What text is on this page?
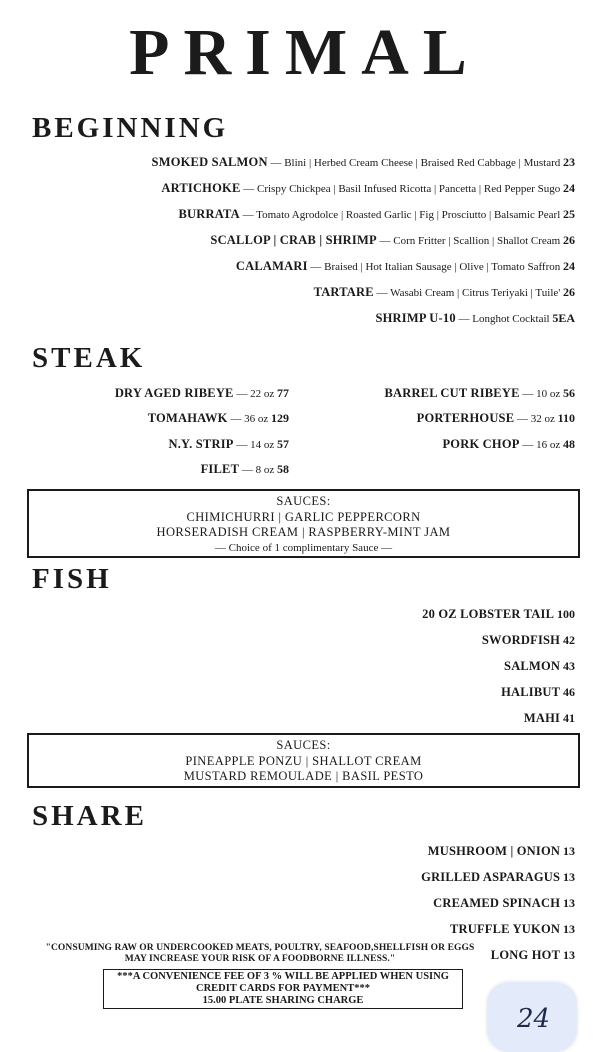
PRIMAL
BEGINNING
SMOKED SALMON — Blini | Herbed Cream Cheese | Braised Red Cabbage | Mustard 23
ARTICHOKE — Crispy Chickpea | Basil Infused Ricotta | Pancetta | Red Pepper Sugo 24
BURRATA — Tomato Agrodolce | Roasted Garlic | Fig | Prosciutto | Balsamic Pearl 25
SCALLOP | CRAB | SHRIMP — Corn Fritter | Scallion | Shallot Cream 26
CALAMARI — Braised | Hot Italian Sausage | Olive | Tomato Saffron 24
TARTARE — Wasabi Cream | Citrus Teriyaki | Tuile' 26
SHRIMP U-10 — Longhot Cocktail 5EA
STEAK
DRY AGED RIBEYE — 22 oz 77
TOMAHAWK — 36 oz 129
N.Y. STRIP — 14 oz 57
FILET — 8 oz 58
BARREL CUT RIBEYE — 10 oz 56
PORTERHOUSE — 32 oz 110
PORK CHOP — 16 oz 48
SAUCES:
CHIMICHURRI | GARLIC PEPPERCORN
HORSERADISH CREAM | RASPBERRY-MINT JAM
— Choice of 1 complimentary Sauce —
FISH
20 OZ LOBSTER TAIL 100
SWORDFISH 42
SALMON 43
HALIBUT 46
MAHI 41
SAUCES:
PINEAPPLE PONZU | SHALLOT CREAM
MUSTARD REMOULADE | BASIL PESTO
SHARE
MUSHROOM | ONION 13
GRILLED ASPARAGUS 13
CREAMED SPINACH 13
TRUFFLE YUKON 13
LONG HOT 13
"CONSUMING RAW OR UNDERCOOKED MEATS, POULTRY, SEAFOOD,SHELLFISH OR EGGS
MAY INCREASE YOUR RISK OF A FOODBORNE ILLNESS."
***A CONVENIENCE FEE OF 3 % WILL BE APPLIED WHEN USING
CREDIT CARDS FOR PAYMENT***
15.00 PLATE SHARING CHARGE
24
